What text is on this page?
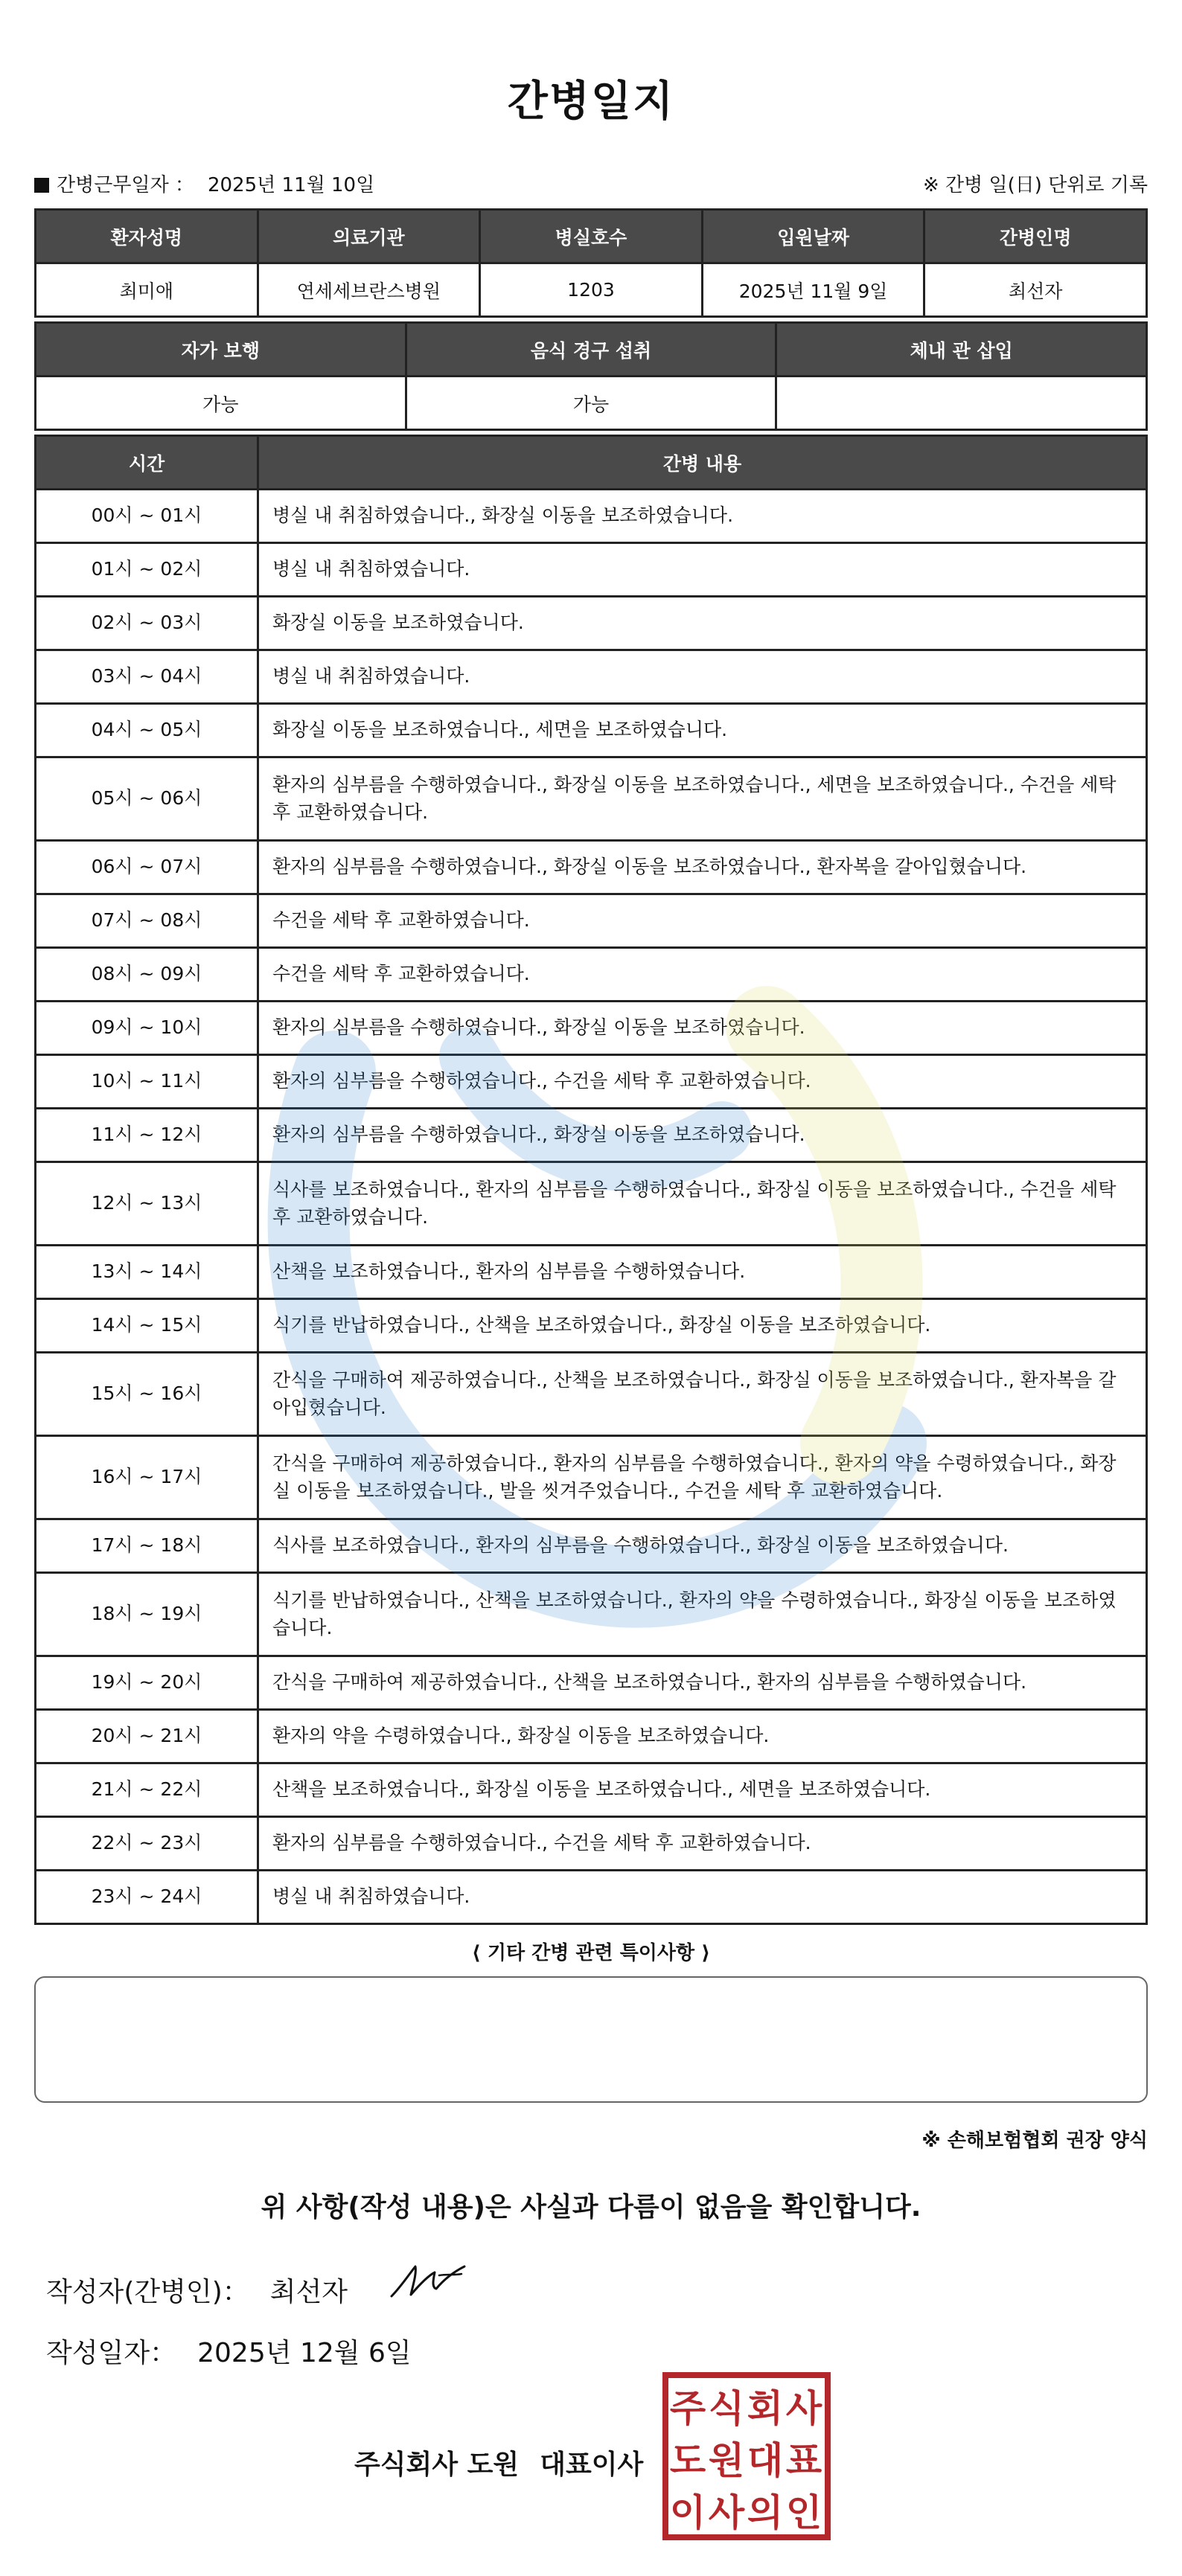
간병일지
간병근무일자 ： 2025년 11월 10일	※ 간병 일(日) 단위로 기록
환자성명	의료기관	병실호수	입원날짜	간병인명
최미애	연세세브란스병원	1203	2025년 11월 9일	최선자
자가 보행	음식 경구 섭취	체내 관 삽입
가능	가능	
시간	간병 내용
00시 ~ 01시	병실 내 취침하였습니다., 화장실 이동을 보조하였습니다.
01시 ~ 02시	병실 내 취침하였습니다.
02시 ~ 03시	화장실 이동을 보조하였습니다.
03시 ~ 04시	병실 내 취침하였습니다.
04시 ~ 05시	화장실 이동을 보조하였습니다., 세면을 보조하였습니다.
05시 ~ 06시	환자의 심부름을 수행하였습니다., 화장실 이동을 보조하였습니다., 세면을 보조하였습니다., 수건을 세탁 후 교환하였습니다.
06시 ~ 07시	환자의 심부름을 수행하였습니다., 화장실 이동을 보조하였습니다., 환자복을 갈아입혔습니다.
07시 ~ 08시	수건을 세탁 후 교환하였습니다.
08시 ~ 09시	수건을 세탁 후 교환하였습니다.
09시 ~ 10시	환자의 심부름을 수행하였습니다., 화장실 이동을 보조하였습니다.
10시 ~ 11시	환자의 심부름을 수행하였습니다., 수건을 세탁 후 교환하였습니다.
11시 ~ 12시	환자의 심부름을 수행하였습니다., 화장실 이동을 보조하였습니다.
12시 ~ 13시	식사를 보조하였습니다., 환자의 심부름을 수행하였습니다., 화장실 이동을 보조하였습니다., 수건을 세탁 후 교환하였습니다.
13시 ~ 14시	산책을 보조하였습니다., 환자의 심부름을 수행하였습니다.
14시 ~ 15시	식기를 반납하였습니다., 산책을 보조하였습니다., 화장실 이동을 보조하였습니다.
15시 ~ 16시	간식을 구매하여 제공하였습니다., 산책을 보조하였습니다., 화장실 이동을 보조하였습니다., 환자복을 갈아입혔습니다.
16시 ~ 17시	간식을 구매하여 제공하였습니다., 환자의 심부름을 수행하였습니다., 환자의 약을 수령하였습니다., 화장실 이동을 보조하였습니다., 발을 씻겨주었습니다., 수건을 세탁 후 교환하였습니다.
17시 ~ 18시	식사를 보조하였습니다., 환자의 심부름을 수행하였습니다., 화장실 이동을 보조하였습니다.
18시 ~ 19시	식기를 반납하였습니다., 산책을 보조하였습니다., 환자의 약을 수령하였습니다., 화장실 이동을 보조하였습니다.
19시 ~ 20시	간식을 구매하여 제공하였습니다., 산책을 보조하였습니다., 환자의 심부름을 수행하였습니다.
20시 ~ 21시	환자의 약을 수령하였습니다., 화장실 이동을 보조하였습니다.
21시 ~ 22시	산책을 보조하였습니다., 화장실 이동을 보조하였습니다., 세면을 보조하였습니다.
22시 ~ 23시	환자의 심부름을 수행하였습니다., 수건을 세탁 후 교환하였습니다.
23시 ~ 24시	병실 내 취침하였습니다.
⟨ 기타 간병 관련 특이사항 ⟩
※ 손해보험협회 권장 양식
위 사항(작성 내용)은 사실과 다름이 없음을 확인합니다.
작성자(간병인)： 최선자
작성일자： 2025년 12월 6일
주식회사 도원 대표이사
주 식 회 사
도 원 대 표
이 사 의 인
